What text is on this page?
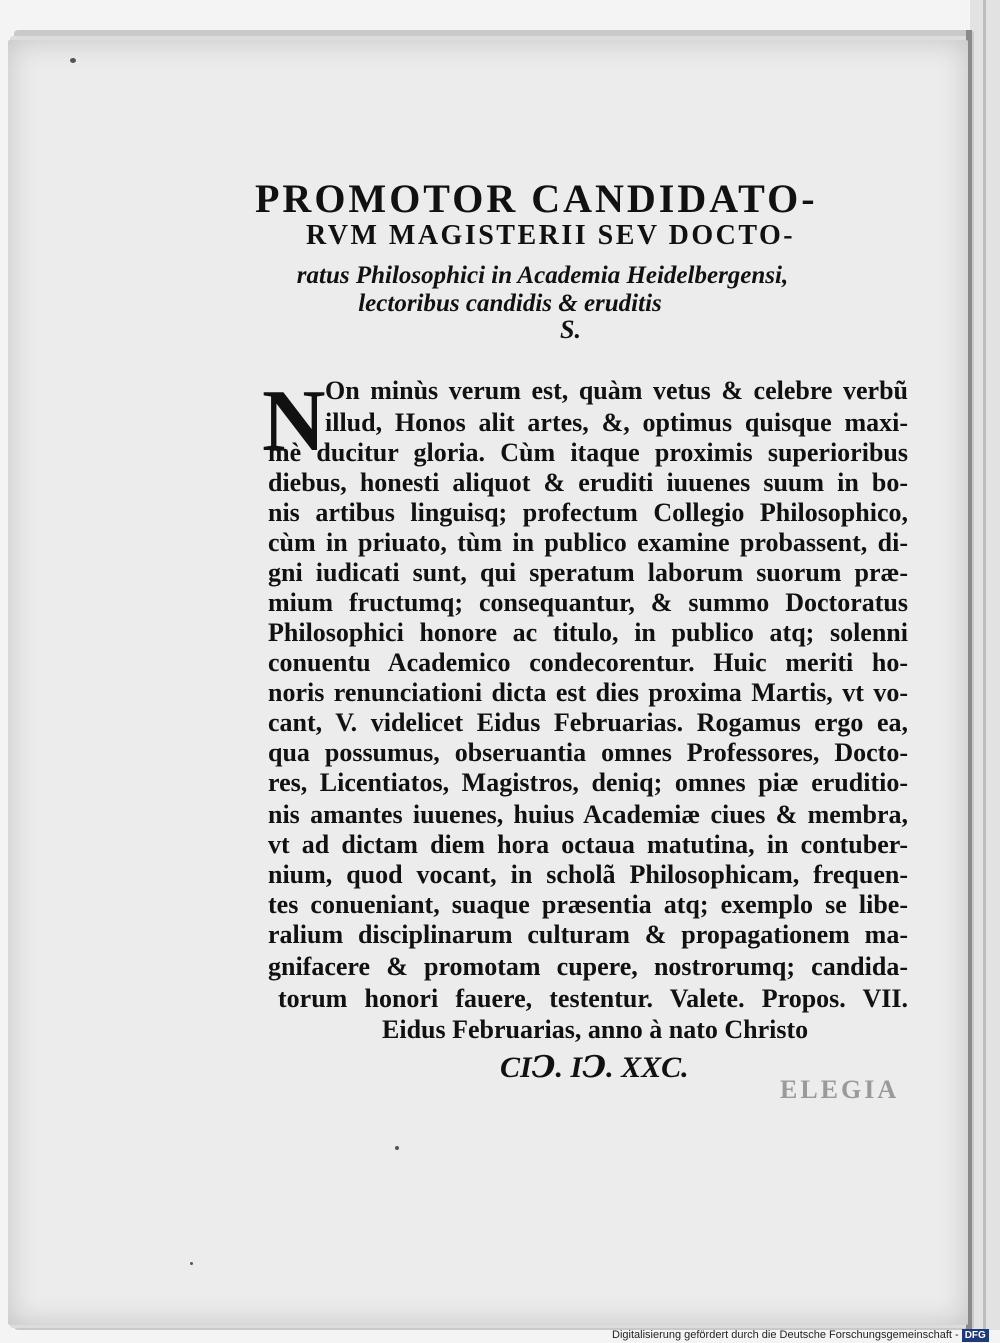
PROMOTOR CANDIDATO-
RVM MAGISTERII SEV DOCTO-
ratus Philosophici in Academia Heidelbergensi,
lectoribus candidis & eruditis
S.
N On minùs verum est, quàm vetus & celebre verbũ
illud, Honos alit artes, &, optimus quisque maxi-
mè ducitur gloria. Cùm itaque proximis superioribus
diebus, honesti aliquot & eruditi iuuenes suum in bo-
nis artibus linguisq; profectum Collegio Philosophico,
cùm in priuato, tùm in publico examine probassent, di-
gni iudicati sunt, qui speratum laborum suorum præ-
mium fructumq; consequantur, & summo Doctoratus
Philosophici honore ac titulo, in publico atq; solenni
conuentu Academico condecorentur. Huic meriti ho-
noris renunciationi dicta est dies proxima Martis, vt vo-
cant, V. videlicet Eidus Februarias. Rogamus ergo ea,
qua possumus, obseruantia omnes Professores, Docto-
res, Licentiatos, Magistros, deniq; omnes piæ eruditio-
nis amantes iuuenes, huius Academiæ ciues & membra,
vt ad dictam diem hora octaua matutina, in contuber-
nium, quod vocant, in scholã Philosophicam, frequen-
tes conueniant, suaque præsentia atq; exemplo se libe-
ralium disciplinarum culturam & propagationem ma-
gnifacere & promotam cupere, nostrorumq; candida-
torum honori fauere, testentur. Valete. Propos. VII.
Eidus Februarias, anno à nato Christo
CIↃ. IↃ. XXC.
ELEGIA
Digitalisierung gefördert durch die Deutsche Forschungsgemeinschaft - DFG
